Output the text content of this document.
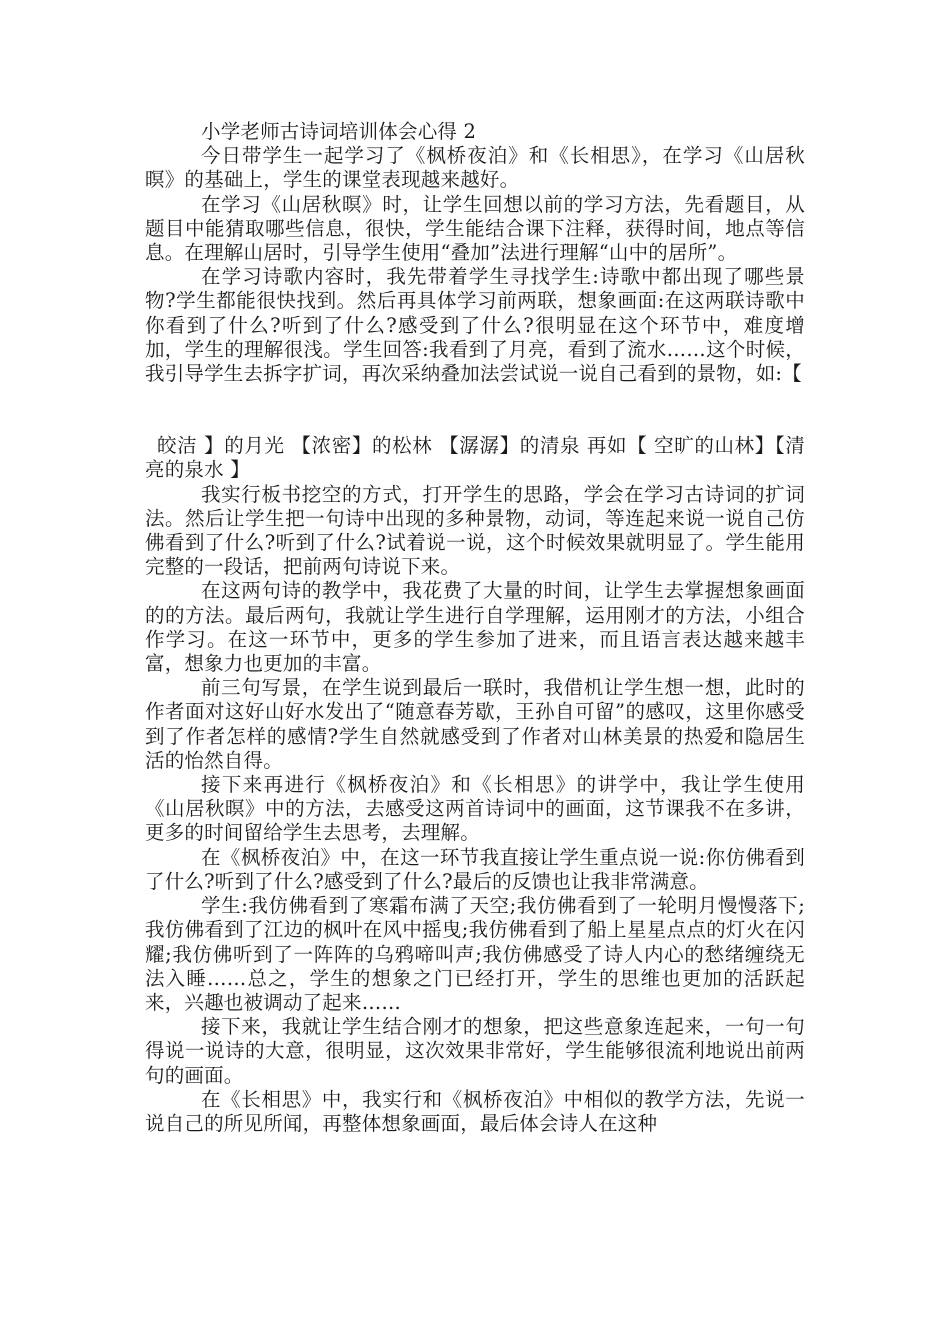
小学老师古诗词培训体会心得 2

今日带学生一起学习了《枫桥夜泊》和《长相思》，在学习《山居秋暝》的基础上，学生的课堂表现越来越好。

在学习《山居秋暝》时，让学生回想以前的学习方法，先看题目，从题目中能猜取哪些信息，很快，学生能结合课下注释，获得时间，地点等信息。在理解山居时，引导学生使用“叠加”法进行理解“山中的居所”。

在学习诗歌内容时，我先带着学生寻找学生:诗歌中都出现了哪些景物?学生都能很快找到。然后再具体学习前两联，想象画面:在这两联诗歌中你看到了什么?听到了什么?感受到了什么?很明显在这个环节中，难度增加，学生的理解很浅。学生回答:我看到了月亮，看到了流水……这个时候，我引导学生去拆字扩词，再次采纳叠加法尝试说一说自己看到的景物，如:【

皎洁 】的月光 【浓密】的松林 【潺潺】的清泉 再如【 空旷的山林】【清亮的泉水 】

我实行板书挖空的方式，打开学生的思路，学会在学习古诗词的扩词法。然后让学生把一句诗中出现的多种景物，动词，等连起来说一说自己仿佛看到了什么?听到了什么?试着说一说，这个时候效果就明显了。学生能用完整的一段话，把前两句诗说下来。

在这两句诗的教学中，我花费了大量的时间，让学生去掌握想象画面的的方法。最后两句，我就让学生进行自学理解，运用刚才的方法，小组合作学习。在这一环节中，更多的学生参加了进来，而且语言表达越来越丰富，想象力也更加的丰富。

前三句写景，在学生说到最后一联时，我借机让学生想一想，此时的作者面对这好山好水发出了“随意春芳歇，王孙自可留”的感叹，这里你感受到了作者怎样的感情?学生自然就感受到了作者对山林美景的热爱和隐居生活的怡然自得。

接下来再进行《枫桥夜泊》和《长相思》的讲学中，我让学生使用《山居秋暝》中的方法，去感受这两首诗词中的画面，这节课我不在多讲，更多的时间留给学生去思考，去理解。

在《枫桥夜泊》中，在这一环节我直接让学生重点说一说:你仿佛看到了什么?听到了什么?感受到了什么?最后的反馈也让我非常满意。

学生:我仿佛看到了寒霜布满了天空;我仿佛看到了一轮明月慢慢落下;我仿佛看到了江边的枫叶在风中摇曳;我仿佛看到了船上星星点点的灯火在闪耀;我仿佛听到了一阵阵的乌鸦啼叫声;我仿佛感受了诗人内心的愁绪缠绕无法入睡……总之，学生的想象之门已经打开，学生的思维也更加的活跃起来，兴趣也被调动了起来……

接下来，我就让学生结合刚才的想象，把这些意象连起来，一句一句得说一说诗的大意，很明显，这次效果非常好，学生能够很流利地说出前两句的画面。

在《长相思》中，我实行和《枫桥夜泊》中相似的教学方法，先说一说自己的所见所闻，再整体想象画面，最后体会诗人在这种
